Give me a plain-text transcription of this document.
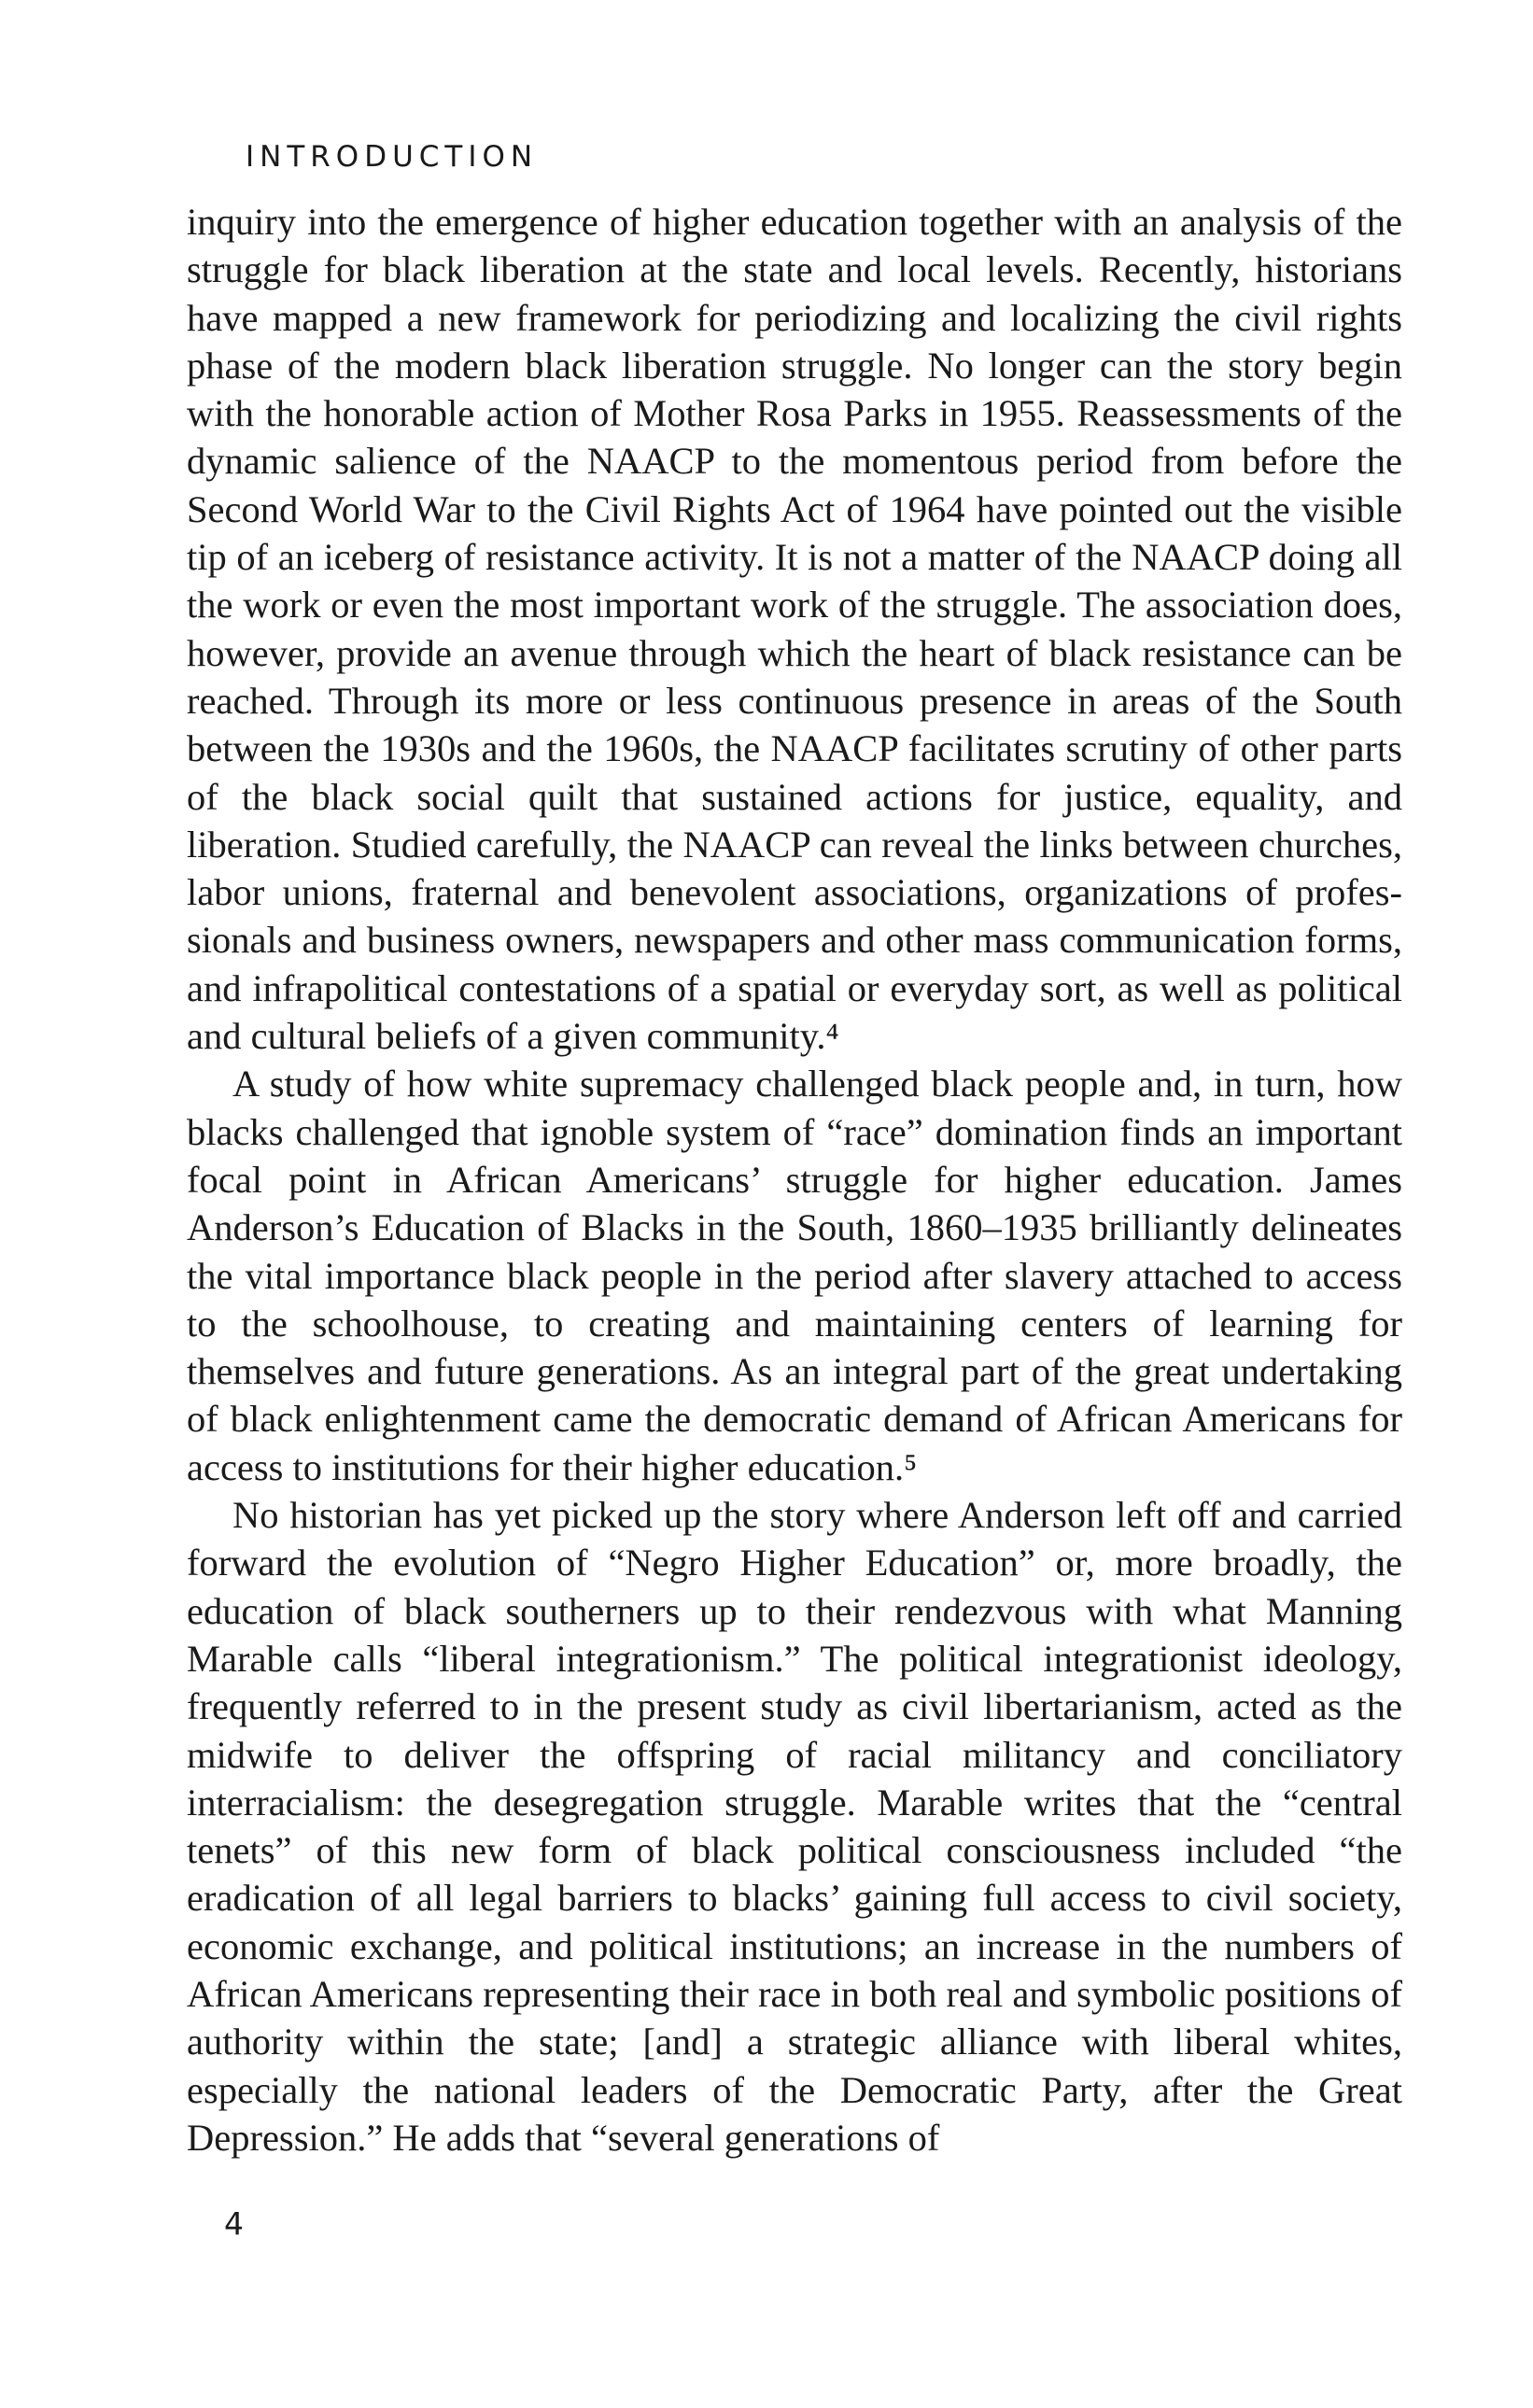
INTRODUCTION

inquiry into the emergence of higher education together with an analysis of the struggle for black liberation at the state and local levels. Recently, historians have mapped a new framework for periodizing and localizing the civil rights phase of the modern black liberation struggle. No longer can the story begin with the honorable action of Mother Rosa Parks in 1955. Reassessments of the dynamic salience of the NAACP to the momentous period from before the Second World War to the Civil Rights Act of 1964 have pointed out the visible tip of an iceberg of resistance activity. It is not a matter of the NAACP doing all the work or even the most important work of the struggle. The association does, however, provide an avenue through which the heart of black resistance can be reached. Through its more or less continuous presence in areas of the South between the 1930s and the 1960s, the NAACP facilitates scrutiny of other parts of the black social quilt that sustained actions for justice, equality, and liberation. Studied carefully, the NAACP can reveal the links between churches, labor unions, fraternal and benevolent associations, organizations of professionals and business owners, newspapers and other mass communication forms, and infrapolitical contestations of a spatial or everyday sort, as well as political and cultural beliefs of a given community.⁴

A study of how white supremacy challenged black people and, in turn, how blacks challenged that ignoble system of “race” domination finds an important focal point in African Americans’ struggle for higher education. James Anderson’s Education of Blacks in the South, 1860–1935 brilliantly delineates the vital importance black people in the period after slavery attached to access to the schoolhouse, to creating and maintaining centers of learning for themselves and future generations. As an integral part of the great undertaking of black enlightenment came the democratic demand of African Americans for access to institutions for their higher education.⁵

No historian has yet picked up the story where Anderson left off and carried forward the evolution of “Negro Higher Education” or, more broadly, the education of black southerners up to their rendezvous with what Manning Marable calls “liberal integrationism.” The political integrationist ideology, frequently referred to in the present study as civil libertarianism, acted as the midwife to deliver the offspring of racial militancy and conciliatory interracialism: the desegregation struggle. Marable writes that the “central tenets” of this new form of black political consciousness included “the eradication of all legal barriers to blacks’ gaining full access to civil society, economic exchange, and political institutions; an increase in the numbers of African Americans representing their race in both real and symbolic positions of authority within the state; [and] a strategic alliance with liberal whites, especially the national leaders of the Democratic Party, after the Great Depression.” He adds that “several generations of

4
